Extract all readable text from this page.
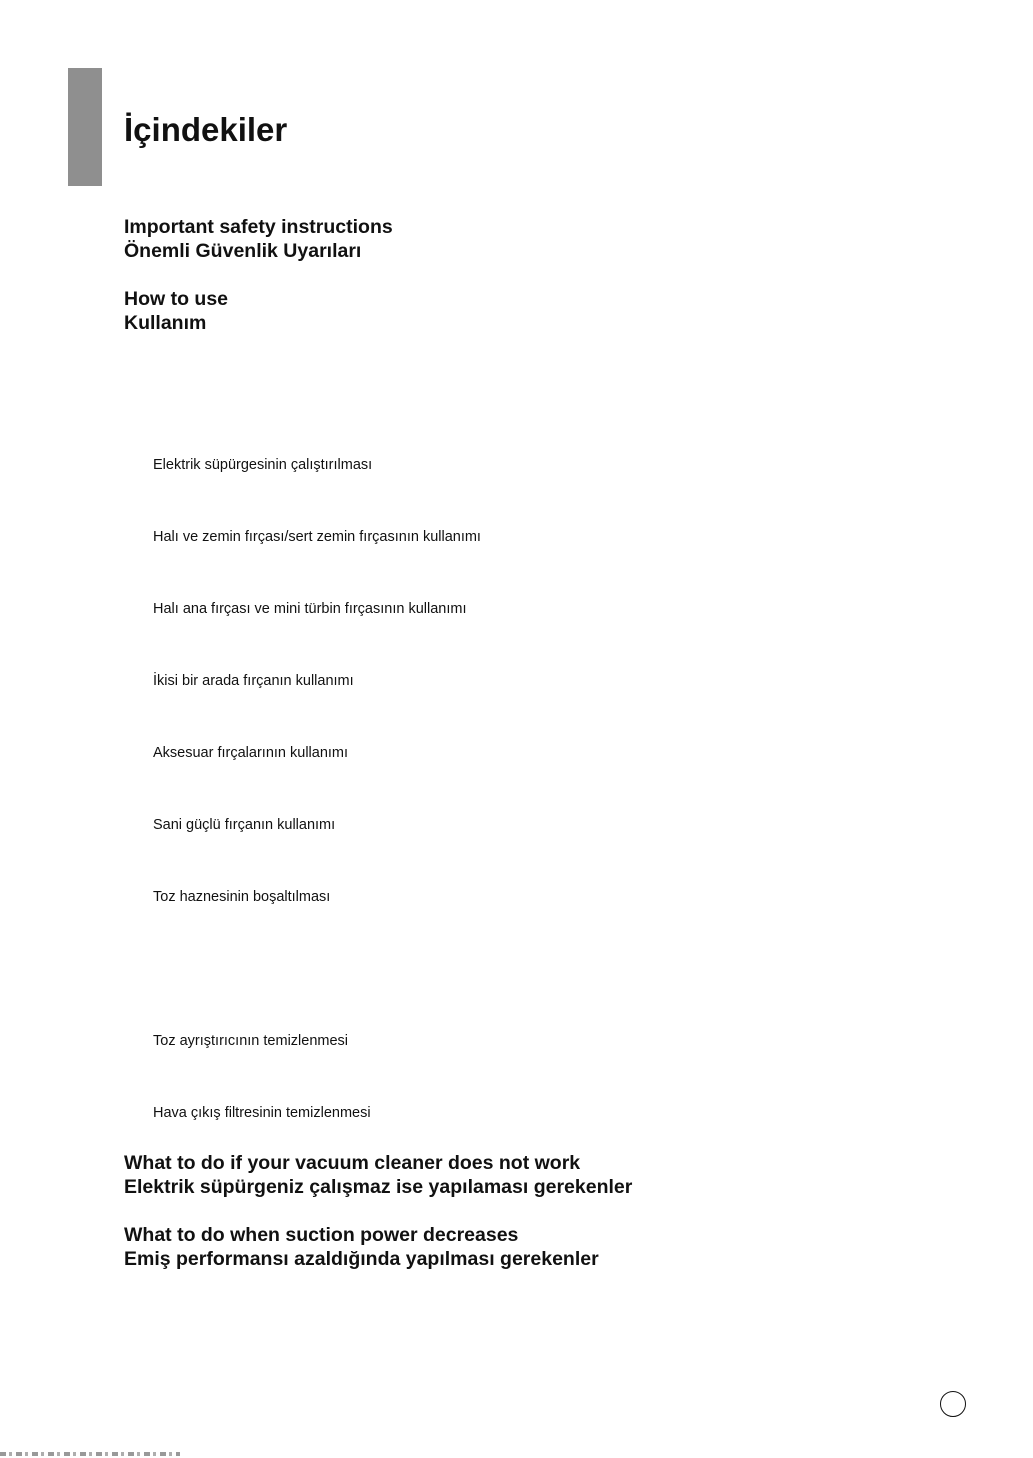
İçindekiler
Important safety instructions
Önemli Güvenlik Uyarıları
How to use
Kullanım
Elektrik süpürgesinin çalıştırılması
Halı ve zemin fırçası/sert zemin fırçasının kullanımı
Halı ana fırçası ve mini türbin fırçasının kullanımı
İkisi bir arada fırçanın kullanımı
Aksesuar fırçalarının kullanımı
Sani güçlü fırçanın kullanımı
Toz haznesinin boşaltılması
Toz ayrıştırıcının temizlenmesi
Hava çıkış filtresinin temizlenmesi
What to do if your vacuum cleaner does not work
Elektrik süpürgeniz çalışmaz ise yapılaması gerekenler
What to do when suction power decreases
Emiş performansı azaldığında yapılması gerekenler
